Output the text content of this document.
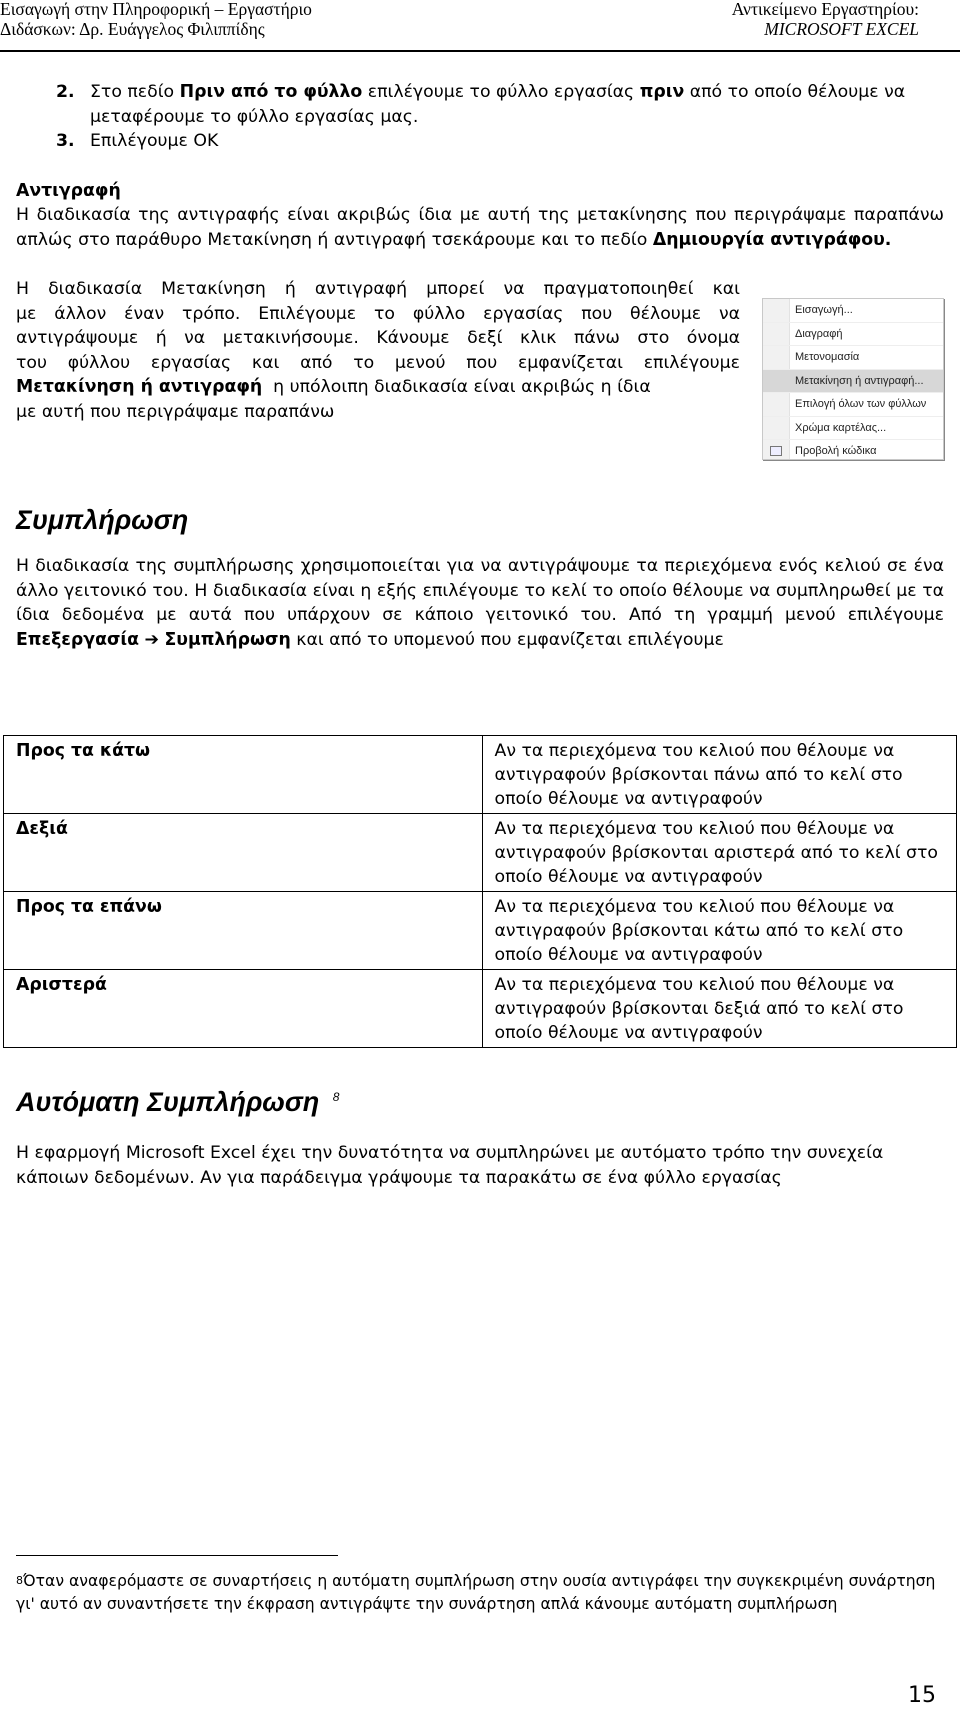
Εισαγωγή στην Πληροφορική – Εργαστήριο
Διδάσκων: Δρ. Ευάγγελος Φιλιππίδης
Αντικείμενο Εργαστηρίου:
MICROSOFT EXCEL
2. Στο πεδίο Πριν από το φύλλο επιλέγουμε το φύλλο εργασίας πριν από το οποίο θέλουμε να μεταφέρουμε το φύλλο εργασίας μας.
3. Επιλέγουμε ΟΚ

Αντιγραφή

Η διαδικασία της αντιγραφής είναι ακριβώς ίδια με αυτή της μετακίνησης που περιγράψαμε παραπάνω απλώς στο παράθυρο Μετακίνηση ή αντιγραφή τσεκάρουμε και το πεδίο Δημιουργία αντιγράφου.

Η διαδικασία Μετακίνηση ή αντιγραφή μπορεί να πραγματοποιηθεί και

με άλλον έναν τρόπο. Επιλέγουμε το φύλλο εργασίας που θέλουμε να

αντιγράψουμε ή να μετακινήσουμε. Κάνουμε δεξί κλικ πάνω στο όνομα

του φύλλου εργασίας και από το μενού που εμφανίζεται επιλέγουμε

Μετακίνηση ή αντιγραφή  η υπόλοιπη διαδικασία είναι ακριβώς η ίδια

με αυτή που περιγράψαμε παραπάνω

Συμπλήρωση

Η διαδικασία της συμπλήρωσης χρησιμοποιείται για να αντιγράψουμε τα περιεχόμενα ενός κελιού σε ένα άλλο γειτονικό του. Η διαδικασία είναι η εξής επιλέγουμε το κελί το οποίο θέλουμε να συμπληρωθεί με τα ίδια δεδομένα με αυτά που υπάρχουν σε κάποιο γειτονικό του. Από τη γραμμή μενού επιλέγουμε Επεξεργασία ➔ Συμπλήρωση και από το υπομενού που εμφανίζεται επιλέγουμε

Εισαγωγή...
Διαγραφή
Μετονομασία
Μετακίνηση ή αντιγραφή...
Επιλογή όλων των φύλλων
Χρώμα καρτέλας...
Προβολή κώδικα
Προς τα κάτω	Αν τα περιεχόμενα του κελιού που θέλουμε να αντιγραφούν βρίσκονται πάνω από το κελί στο οποίο θέλουμε να αντιγραφούν
Δεξιά	Αν τα περιεχόμενα του κελιού που θέλουμε να αντιγραφούν βρίσκονται αριστερά από το κελί στο οποίο θέλουμε να αντιγραφούν
Προς τα επάνω	Αν τα περιεχόμενα του κελιού που θέλουμε να αντιγραφούν βρίσκονται κάτω από το κελί στο οποίο θέλουμε να αντιγραφούν
Αριστερά	Αν τα περιεχόμενα του κελιού που θέλουμε να αντιγραφούν βρίσκονται δεξιά από το κελί στο οποίο θέλουμε να αντιγραφούν
Αυτόματη Συμπλήρωση $^8$

Η εφαρμογή Microsoft Excel έχει την δυνατότητα να συμπληρώνει με αυτόματο τρόπο την συνεχεία κάποιων δεδομένων. Αν για παράδειγμα γράψουμε τα παρακάτω σε ένα φύλλο εργασίας

$^8$Όταν αναφερόμαστε σε συναρτήσεις η αυτόματη συμπλήρωση στην ουσία αντιγράφει την συγκεκριμένη συνάρτηση γι' αυτό αν συναντήσετε την έκφραση αντιγράψτε την συνάρτηση απλά κάνουμε αυτόματη συμπλήρωση
15
